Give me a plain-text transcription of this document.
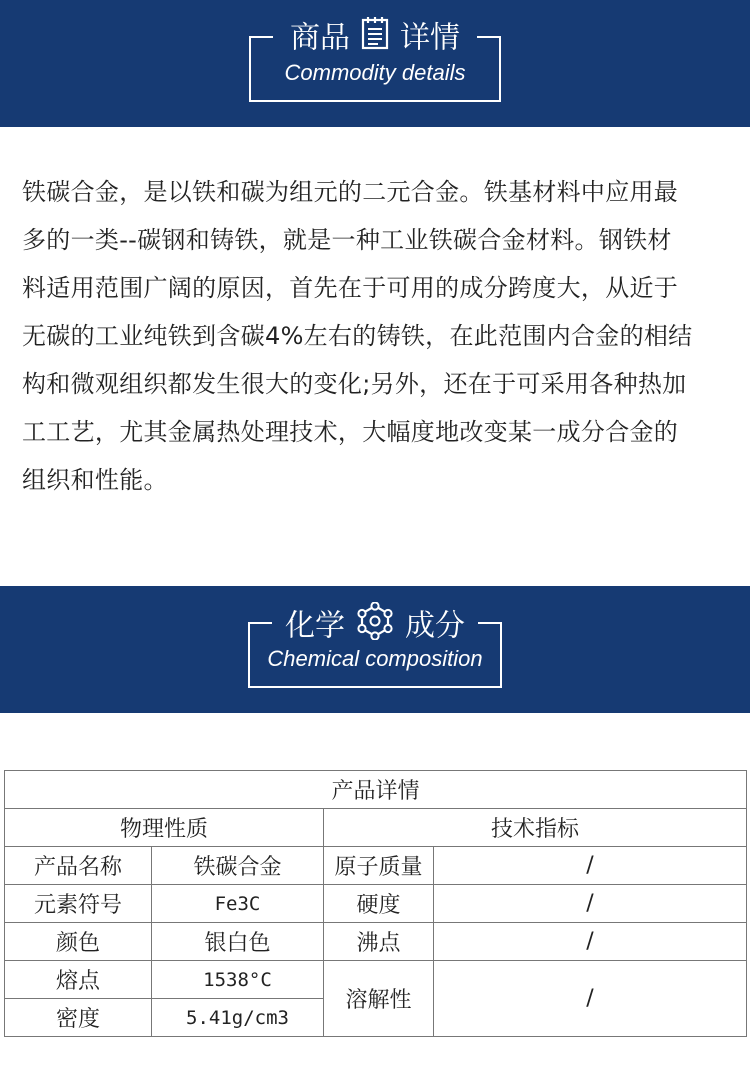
商品 详情
Commodity details
铁碳合金，是以铁和碳为组元的二元合金。铁基材料中应用最
多的一类--碳钢和铸铁，就是一种工业铁碳合金材料。钢铁材
料适用范围广阔的原因，首先在于可用的成分跨度大，从近于
无碳的工业纯铁到含碳4%左右的铸铁，在此范围内合金的相结
构和微观组织都发生很大的变化;另外，还在于可采用各种热加
工工艺，尤其金属热处理技术，大幅度地改变某一成分合金的
组织和性能。
化学 成分
Chemical composition
产品详情			
物理性质		技术指标	
产品名称	铁碳合金	原子质量	/
元素符号	Fe3C	硬度	/
颜色	银白色	沸点	/
熔点	1538°C	溶解性	/
密度	5.41g/cm3		
